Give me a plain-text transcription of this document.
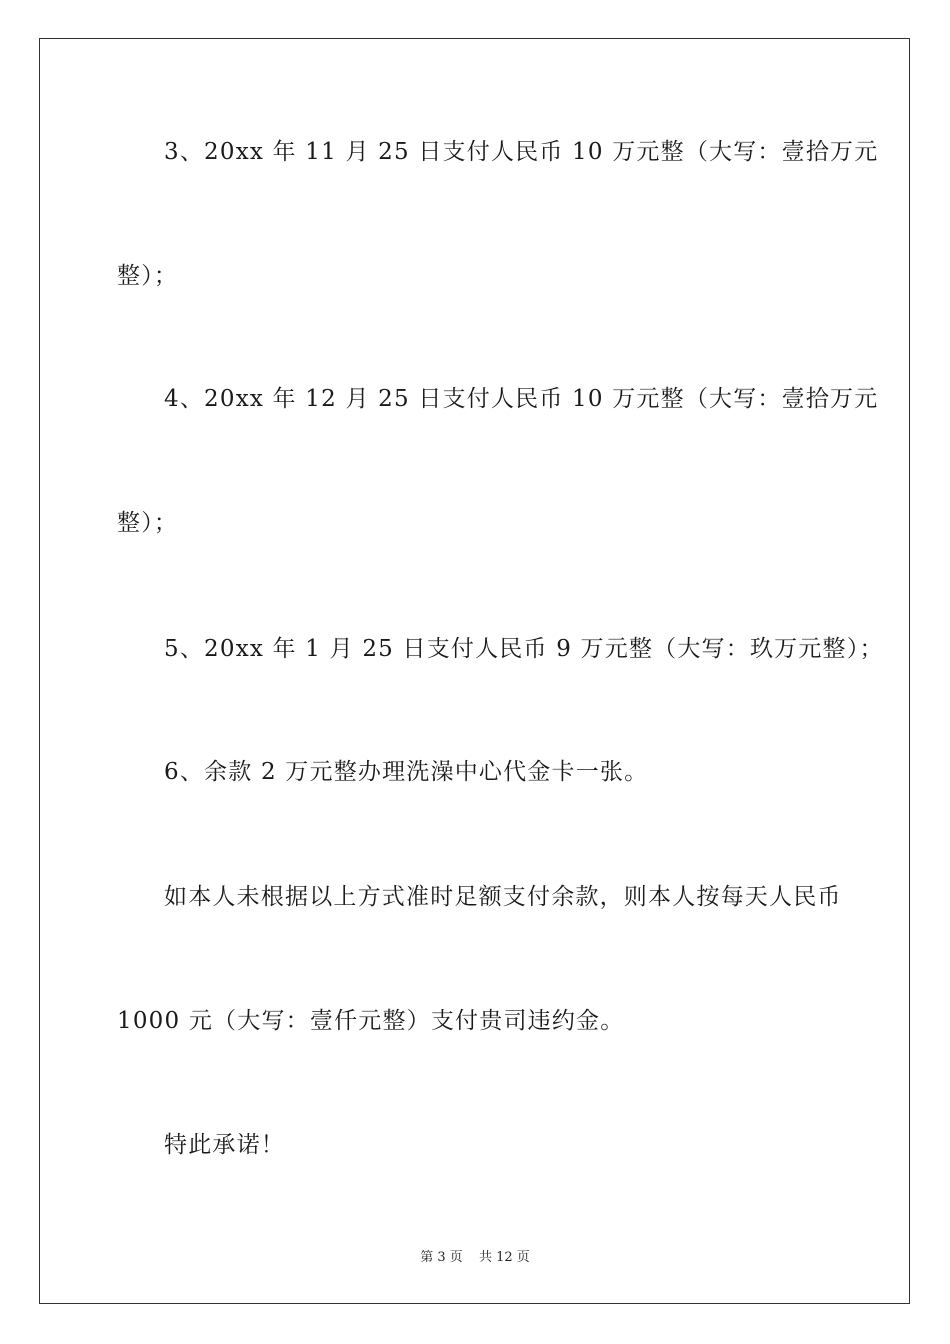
3、20xx 年 11 月 25 日支付人民币 10 万元整（大写：壹拾万元
整）；
4、20xx 年 12 月 25 日支付人民币 10 万元整（大写：壹拾万元
整）；
5、20xx 年 1 月 25 日支付人民币 9 万元整（大写：玖万元整）；
6、余款 2 万元整办理洗澡中心代金卡一张。
如本人未根据以上方式准时足额支付余款，则本人按每天人民币
1000 元（大写：壹仟元整）支付贵司违约金。
特此承诺！
第 3 页 共 12 页
